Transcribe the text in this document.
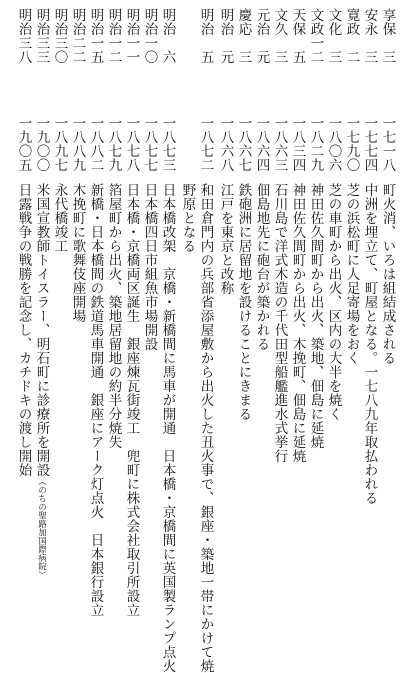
享保　三
安永　三
寛政　二
文化　三
文政一二
天保　五
文久　三
元治　元
慶応　三
明治　元
明治　五
明治　六
明治一〇
明治一一
明治一二
明治一五
明治二二
明治三〇
明治三三
明治三八
一七一八
一七七四
一七九〇
一八〇六
一八二九
一八三四
一八六三
一八六四
一八六七
一八六八
一八七二
一八七三
一八七七
一八七八
一八七九
一八八二
一八八九
一八九七
一九〇〇
一九〇五
町火消、いろは組結成される
中洲を埋立て、町屋となる。一七八九年取払われる
芝の浜松町に人足寄場をおく
芝の車町から出火、区内の大半を焼く
神田佐久間町から出火、築地、佃島に延焼
神田佐久間町から出火、木挽町、佃島に延焼
石川島で洋式木造の千代田型船艦進水式挙行
佃島地先に砲台が築かれる
鉄砲洲に居留地を設けることにきまる
江戸を東京と改称
和田倉門内の兵部省添屋敷から出火した丑火事で、銀座・築地一帯にかけて焼
野原となる
日本橋改架　京橋・新橋間に馬車が開通　日本橋・京橋間に英国製ランプ点火
日本橋四日市組魚市場開設
日本橋・京橋両区誕生　銀座煉瓦街竣工　兜町に株式会社取引所設立
箔屋町から出火、築地居留地の約半分焼失
新橋・日本橋間の鉄道馬車開通　銀座にアーク灯点火　日本銀行設立
木挽町に歌舞伎座開場
永代橋竣工
米国宣教師トイスラー、明石町に診療所を開設（のちの聖路加国際病院）
日露戦争の戦勝を記念し、カチドキの渡し開始
